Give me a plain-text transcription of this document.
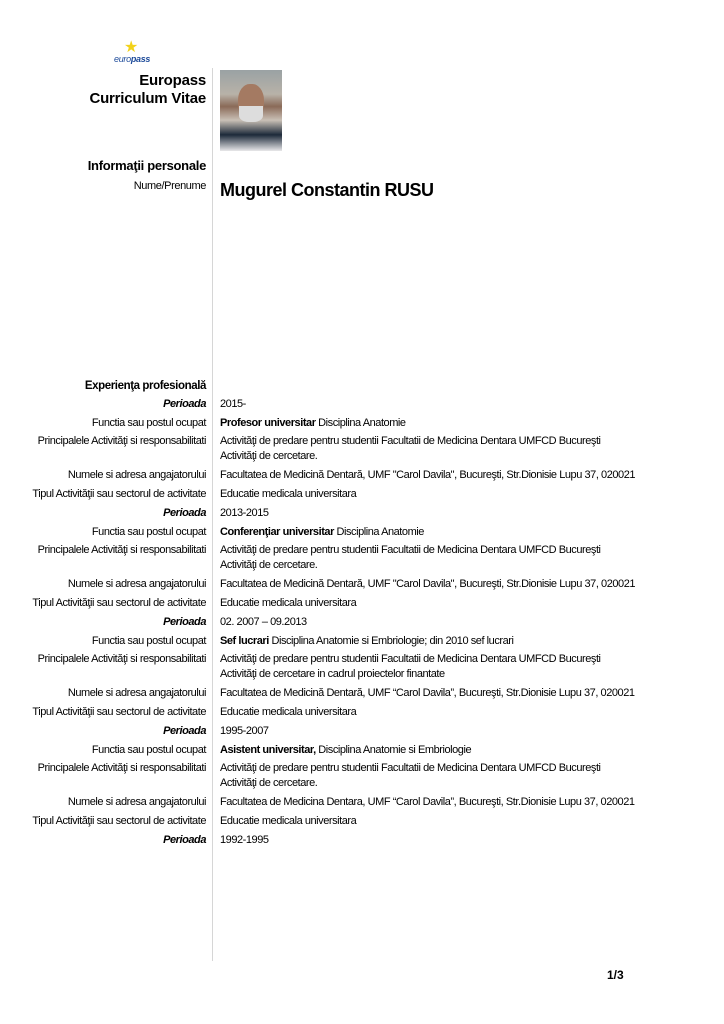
★
europass
Europass
Curriculum Vitae
Informaţii personale
Nume/Prenume Mugurel Constantin RUSU
Experienţa profesională
Perioada 2015-
Functia sau postul ocupat Profesor universitar Disciplina Anatomie
Principalele Activităţi si responsabilitati Activităţi de predare pentru studentii Facultatii de Medicina Dentara UMFCD Bucureşti
Activităţi de cercetare.
Numele si adresa angajatorului Facultatea de Medicină Dentară, UMF "Carol Davila", Bucureşti, Str.Dionisie Lupu 37, 020021
Tipul Activităţii sau sectorul de activitate Educatie medicala universitara
Perioada 2013-2015
Functia sau postul ocupat Conferenţiar universitar Disciplina Anatomie
Principalele Activităţi si responsabilitati Activităţi de predare pentru studentii Facultatii de Medicina Dentara UMFCD Bucureşti
Activităţi de cercetare.
Numele si adresa angajatorului Facultatea de Medicină Dentară, UMF "Carol Davila", Bucureşti, Str.Dionisie Lupu 37, 020021
Tipul Activităţii sau sectorul de activitate Educatie medicala universitara
Perioada 02. 2007 – 09.2013
Functia sau postul ocupat Sef lucrari Disciplina Anatomie si Embriologie; din 2010 sef lucrari
Principalele Activităţi si responsabilitati Activităţi de predare pentru studentii Facultatii de Medicina Dentara UMFCD Bucureşti
Activităţi de cercetare in cadrul proiectelor finantate
Numele si adresa angajatorului Facultatea de Medicină Dentară, UMF “Carol Davila”, Bucureşti, Str.Dionisie Lupu 37, 020021
Tipul Activităţii sau sectorul de activitate Educatie medicala universitara
Perioada 1995-2007
Functia sau postul ocupat Asistent universitar, Disciplina Anatomie si Embriologie
Principalele Activităţi si responsabilitati Activităţi de predare pentru studentii Facultatii de Medicina Dentara UMFCD Bucureşti
Activităţi de cercetare.
Numele si adresa angajatorului Facultatea de Medicina Dentara, UMF “Carol Davila”, Bucureşti, Str.Dionisie Lupu 37, 020021
Tipul Activităţii sau sectorul de activitate Educatie medicala universitara
Perioada 1992-1995
1/3
